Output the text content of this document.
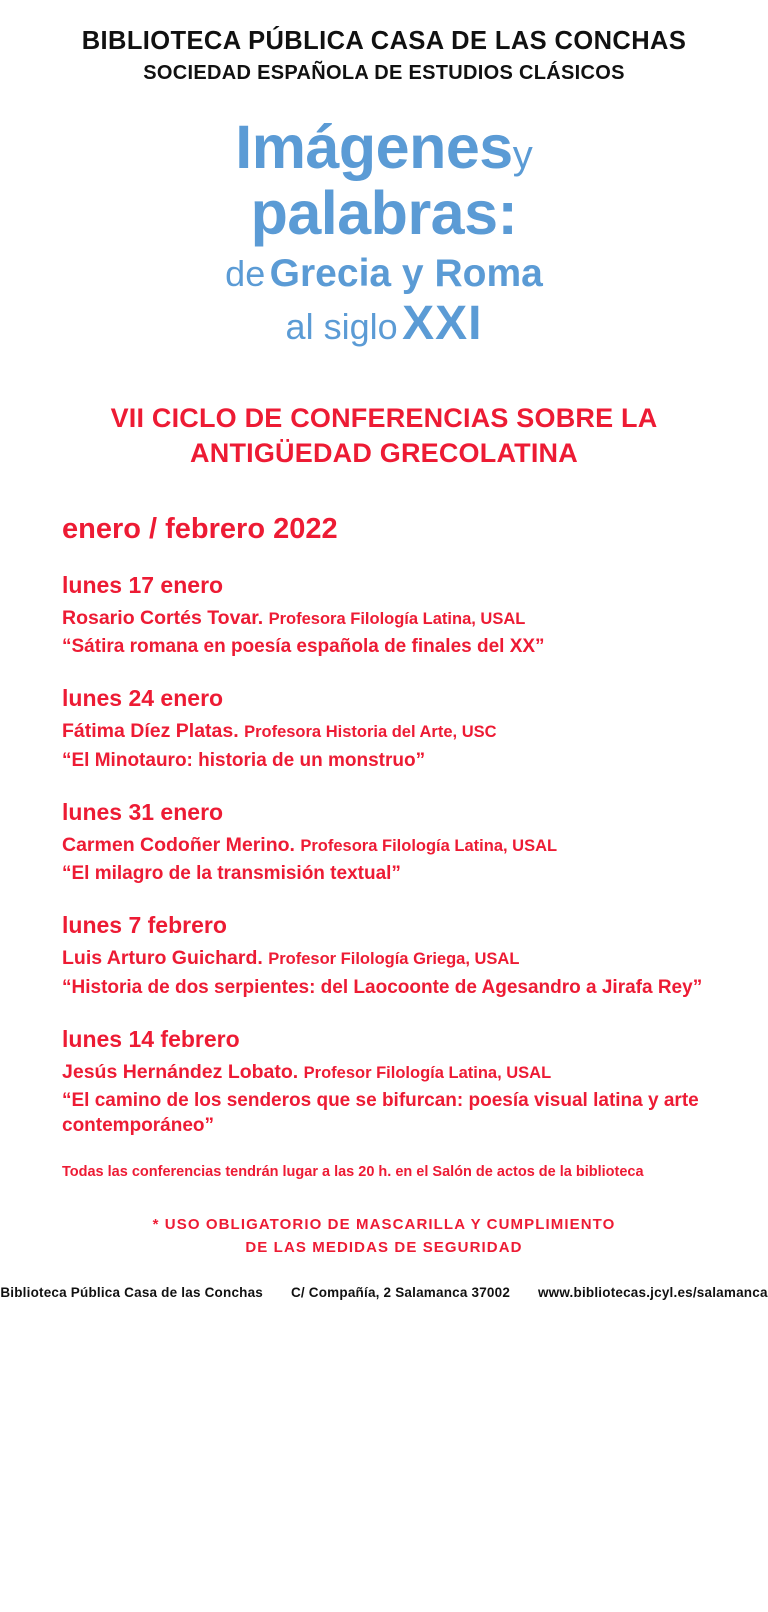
BIBLIOTECA PÚBLICA CASA DE LAS CONCHAS
SOCIEDAD ESPAÑOLA DE ESTUDIOS CLÁSICOS
Imágenesy
palabras:
de Grecia y Roma
al siglo XXI
VII CICLO DE CONFERENCIAS SOBRE LA
ANTIGÜEDAD GRECOLATINA
enero / febrero 2022
lunes 17 enero
Rosario Cortés Tovar. Profesora Filología Latina, USAL
“Sátira romana en poesía española de finales del XX”
lunes 24 enero
Fátima Díez Platas. Profesora Historia del Arte, USC
“El Minotauro: historia de un monstruo”
lunes 31 enero
Carmen Codoñer Merino. Profesora Filología Latina, USAL
“El milagro de la transmisión textual”
lunes 7 febrero
Luis Arturo Guichard. Profesor Filología Griega, USAL
“Historia de dos serpientes: del Laocoonte de Agesandro a Jirafa Rey”
lunes 14 febrero
Jesús Hernández Lobato. Profesor Filología Latina, USAL
“El camino de los senderos que se bifurcan: poesía visual latina y arte contemporáneo”
Todas las conferencias tendrán lugar a las 20 h. en el Salón de actos de la biblioteca
* USO OBLIGATORIO DE MASCARILLA Y CUMPLIMIENTO
DE LAS MEDIDAS DE SEGURIDAD
Biblioteca Pública Casa de las Conchas C/ Compañía, 2 Salamanca 37002 www.bibliotecas.jcyl.es/salamanca
